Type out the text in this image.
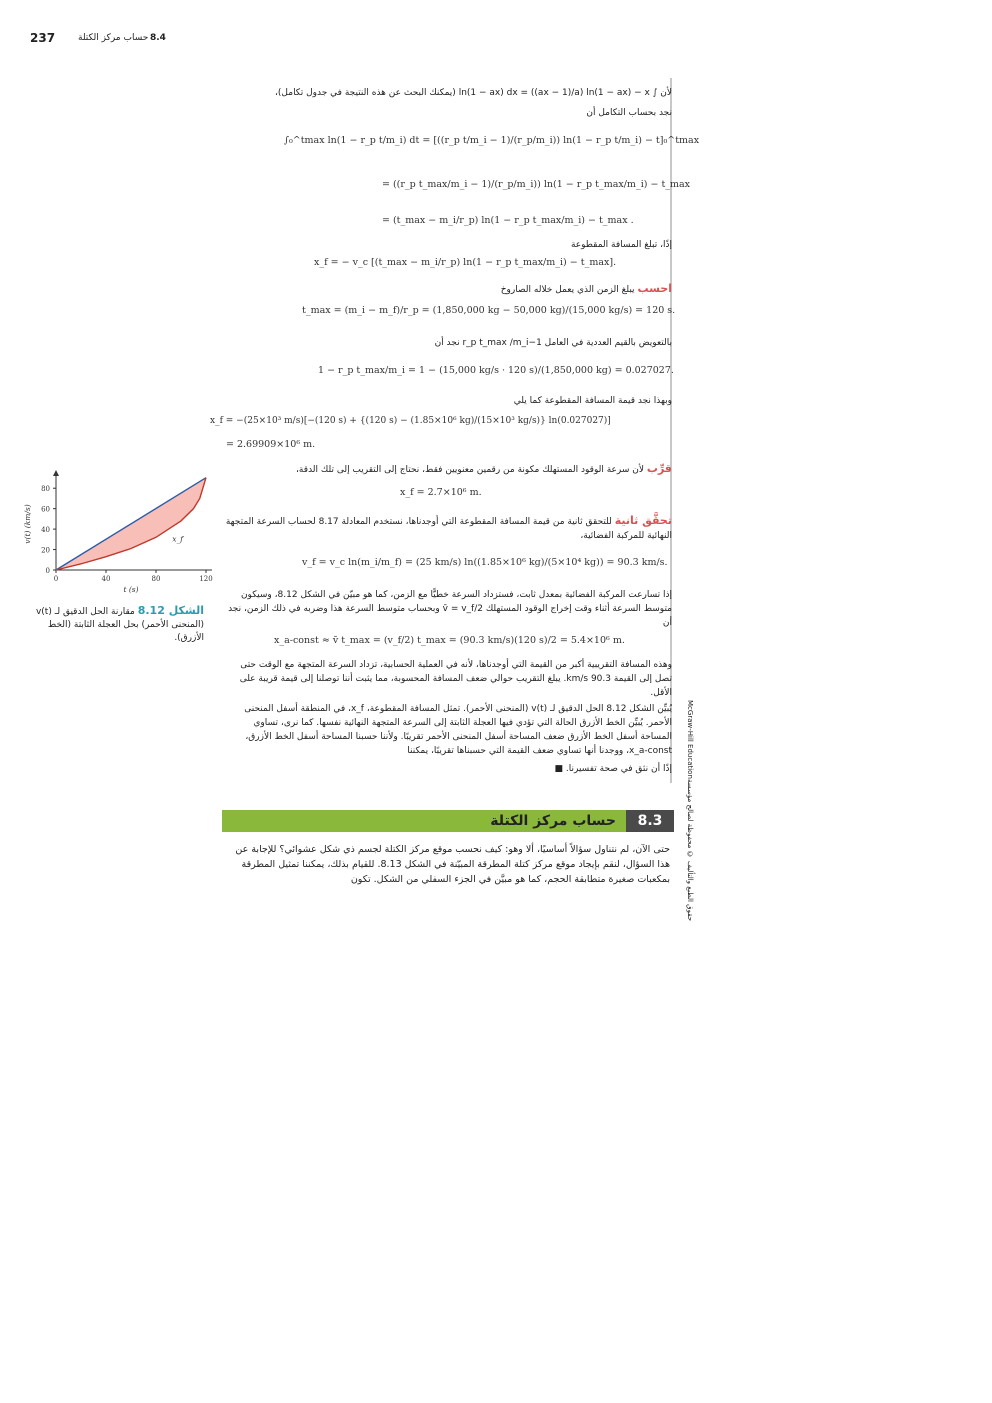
237	حساب مركز الكتلة 8.4
لأن ∫ ln(1 − ax) dx = ((ax − 1)/a) ln(1 − ax) − x (يمكنك البحث عن هذه النتيجة في جدول تكامل)،
نجد بحساب التكامل أن
∫₀^tmax ln(1 − r_p t/m_i) dt = [((r_p t/m_i − 1)/(r_p/m_i)) ln(1 − r_p t/m_i) − t]₀^tmax
= ((r_p t_max/m_i − 1)/(r_p/m_i)) ln(1 − r_p t_max/m_i) − t_max
= (t_max − m_i/r_p) ln(1 − r_p t_max/m_i) − t_max .
إذًا، تبلغ المسافة المقطوعة
x_f = − v_c [(t_max − m_i/r_p) ln(1 − r_p t_max/m_i) − t_max].
احسب يبلغ الزمن الذي يعمل خلاله الصاروخ
t_max = (m_i − m_f)/r_p = (1,850,000 kg − 50,000 kg)/(15,000 kg/s) = 120 s.
بالتعويض بالقيم العددية في العامل 1−r_p t_max /m_i نجد أن
1 − r_p t_max/m_i = 1 − (15,000 kg/s · 120 s)/(1,850,000 kg) = 0.027027.
وبهذا نجد قيمة المسافة المقطوعة كما يلي
x_f = −(25×10³ m/s)[−(120 s) + {(120 s) − (1.85×10⁶ kg)/(15×10³ kg/s)} ln(0.027027)]
= 2.69909×10⁶ m.
قرِّب لأن سرعة الوقود المستهلك مكونة من رقمين معنويين فقط، نحتاج إلى التقريب إلى تلك الدقة،
x_f = 2.7×10⁶ m.
تحقَّق ثانية للتحقق ثانية من قيمة المسافة المقطوعة التي أوجدناها، نستخدم المعادلة 8.17 لحساب السرعة المتجهة النهائية للمركبة الفضائية،
v_f = v_c ln(m_i/m_f) = (25 km/s) ln((1.85×10⁶ kg)/(5×10⁴ kg)) = 90.3 km/s.
إذا تسارعت المركبة الفضائية بمعدل ثابت، فستزداد السرعة خطيًّا مع الزمن، كما هو مبيّن في الشكل 8.12، وسيكون متوسط السرعة أثناء وقت إخراج الوقود المستهلك v̄ = v_f/2 وبحساب متوسط السرعة هذا وضربه في ذلك الزمن، نجد أن
x_a-const ≈ v̄ t_max = (v_f/2) t_max = (90.3 km/s)(120 s)/2 = 5.4×10⁶ m.
وهذه المسافة التقريبية أكبر من القيمة التي أوجدناها، لأنه في العملية الحسابية، تزداد السرعة المتجهة مع الوقت حتى تصل إلى القيمة 90.3 km/s. يبلغ التقريب حوالي ضعف المسافة المحسوبة، مما يثبت أننا توصلنا إلى قيمة قريبة على الأقل.
يُبيِّن الشكل 8.12 الحل الدقيق لـ v(t) (المنحنى الأحمر). تمثل المسافة المقطوعة، x_f، في المنطقة أسفل المنحنى الأحمر. يُبيِّن الخط الأزرق الحالة التي تؤدي فيها العجلة الثابتة إلى السرعة المتجهة النهائية نفسها. كما نرى، تساوي المساحة أسفل الخط الأزرق ضعف المساحة أسفل المنحنى الأحمر تقريبًا. ولأننا حسبنا المساحة أسفل الخط الأزرق، x_a-const، ووجدنا أنها تساوي ضعف القيمة التي حسبناها تقريبًا، يمكننا
إذًا أن نثق في صحة تفسيرنا. ■
0
20
40
60
80
0	40	80	120
t (s)
v(t) (km/s)	x_f
الشكل 8.12 مقارنة الحل الدقيق لـ v(t) (المنحنى الأحمر) بحل العجلة الثابتة (الخط الأزرق).
8.3
حساب مركز الكتلة
حتى الآن، لم نتناول سؤالاً أساسيًا، ألا وهو: كيف نحسب موقع مركز الكتلة لجسم ذي شكل عشوائي؟ للإجابة عن هذا السؤال، لنقم بإيجاد موقع مركز كتلة المطرقة المبيّنة في الشكل 8.13. للقيام بذلك، يمكننا تمثيل المطرقة بمكعبات صغيرة متطابقة الحجم، كما هو مبيَّن في الجزء السفلي من الشكل. تكون
McGraw-Hill Education
حقوق الطبع والتأليف © محفوظة لصالح مؤسسة
